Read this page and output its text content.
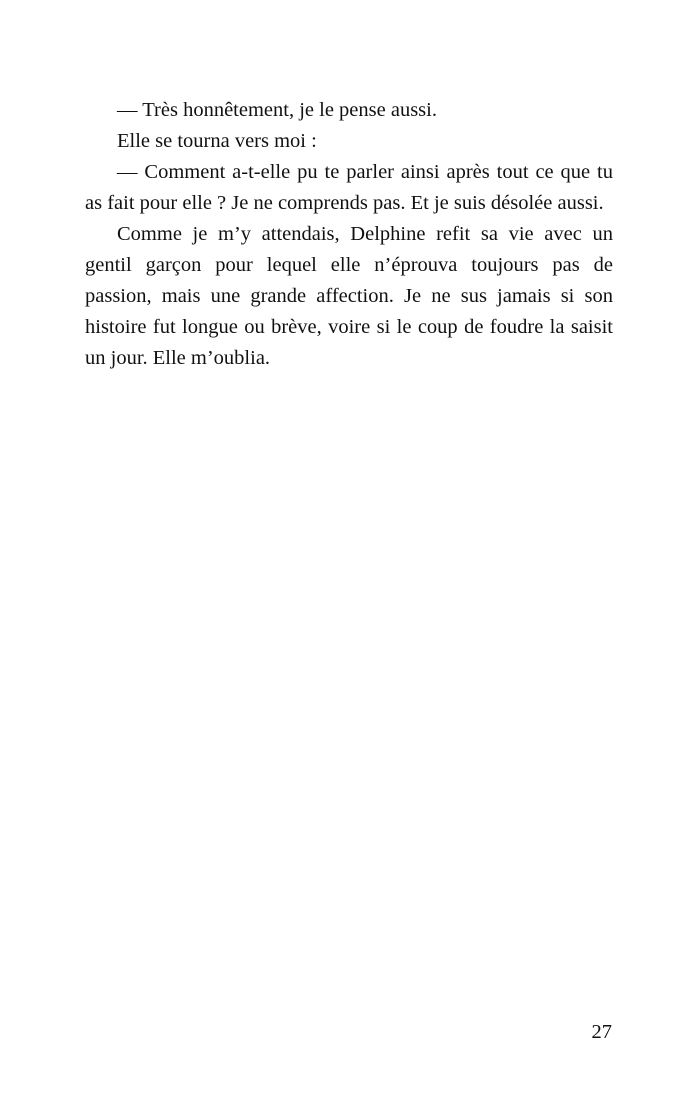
— Très honnêtement, je le pense aussi.

Elle se tourna vers moi :

— Comment a-t-elle pu te parler ainsi après tout ce que tu as fait pour elle ? Je ne comprends pas. Et je suis désolée aussi.

Comme je m’y attendais, Delphine refit sa vie avec un gentil garçon pour lequel elle n’éprouva toujours pas de passion, mais une grande affection. Je ne sus jamais si son histoire fut longue ou brève, voire si le coup de foudre la saisit un jour. Elle m’oublia.

27
